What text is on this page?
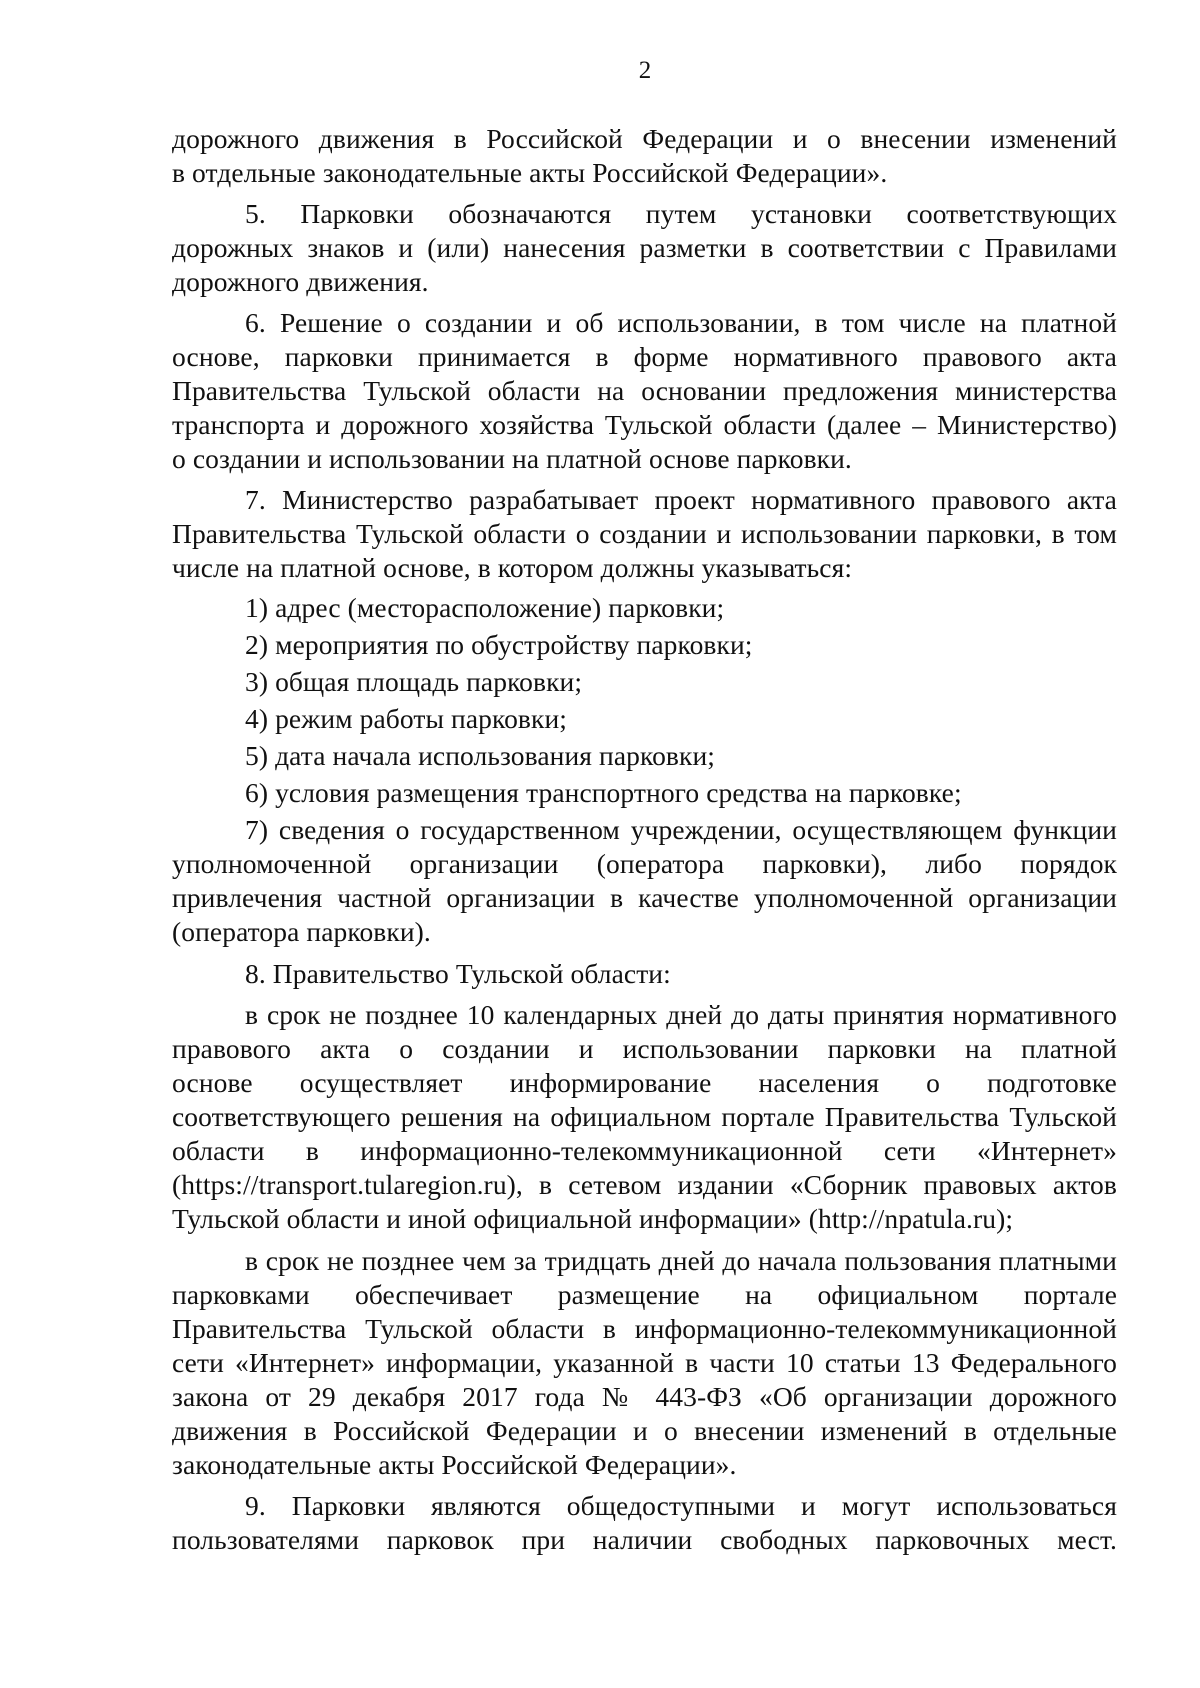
2
дорожного движения в Российской Федерации и о внесении изменений
в отдельные законодательные акты Российской Федерации».
5. Парковки обозначаются путем установки соответствующих
дорожных знаков и (или) нанесения разметки в соответствии с Правилами
дорожного движения.
6. Решение о создании и об использовании, в том числе на платной
основе, парковки принимается в форме нормативного правового акта
Правительства Тульской области на основании предложения министерства
транспорта и дорожного хозяйства Тульской области (далее – Министерство)
о создании и использовании на платной основе парковки.
7. Министерство разрабатывает проект нормативного правового акта
Правительства Тульской области о создании и использовании парковки, в том
числе на платной основе, в котором должны указываться:
1) адрес (месторасположение) парковки;
2) мероприятия по обустройству парковки;
3) общая площадь парковки;
4) режим работы парковки;
5) дата начала использования парковки;
6) условия размещения транспортного средства на парковке;
7) сведения о государственном учреждении, осуществляющем функции
уполномоченной организации (оператора парковки), либо порядок
привлечения частной организации в качестве уполномоченной организации
(оператора парковки).
8. Правительство Тульской области:
в срок не позднее 10 календарных дней до даты принятия нормативного
правового акта о создании и использовании парковки на платной
основе осуществляет информирование населения о подготовке
соответствующего решения на официальном портале Правительства Тульской
области в информационно-телекоммуникационной сети «Интернет»
(https://transport.tularegion.ru), в сетевом издании «Сборник правовых актов
Тульской области и иной официальной информации» (http://npatula.ru);
в срок не позднее чем за тридцать дней до начала пользования платными
парковками обеспечивает размещение на официальном портале
Правительства Тульской области в информационно-телекоммуникационной
сети «Интернет» информации, указанной в части 10 статьи 13 Федерального
закона от 29 декабря 2017 года № 443-ФЗ «Об организации дорожного
движения в Российской Федерации и о внесении изменений в отдельные
законодательные акты Российской Федерации».
9. Парковки являются общедоступными и могут использоваться
пользователями парковок при наличии свободных парковочных мест.
